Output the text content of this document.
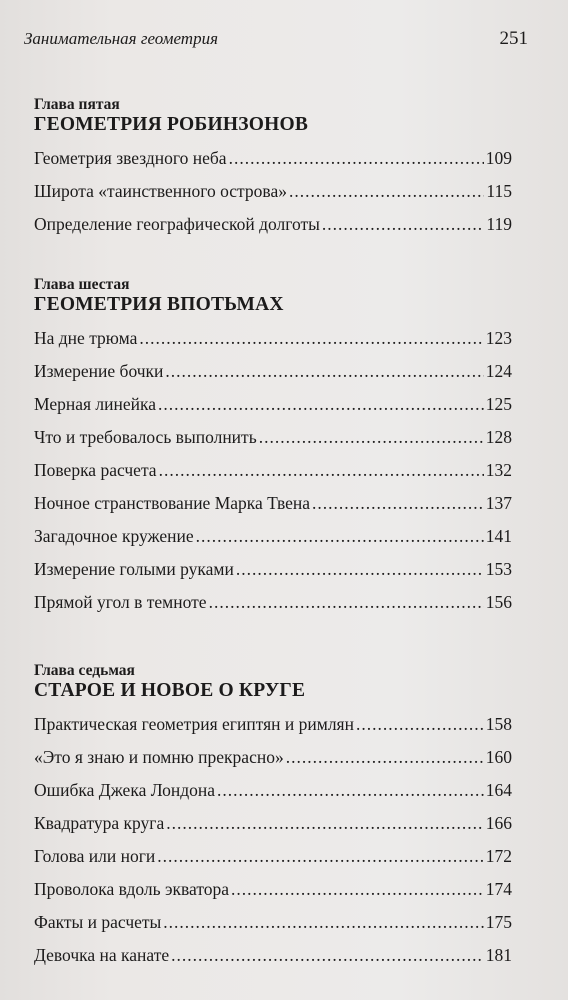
Занимательная геометрия	251
Глава пятая
ГЕОМЕТРИЯ РОБИНЗОНОВ
Геометрия звездного неба .....	109
Широта «таинственного острова» .....	115
Определение географической долготы .....	119
Глава шестая
ГЕОМЕТРИЯ ВПОТЬМАХ
На дне трюма .....	123
Измерение бочки .....	124
Мерная линейка .....	125
Что и требовалось выполнить .....	128
Поверка расчета .....	132
Ночное странствование Марка Твена .....	137
Загадочное кружение .....	141
Измерение голыми руками .....	153
Прямой угол в темноте .....	156
Глава седьмая
СТАРОЕ И НОВОЕ О КРУГЕ
Практическая геометрия египтян и римлян .....	158
«Это я знаю и помню прекрасно» .....	160
Ошибка Джека Лондона .....	164
Квадратура круга .....	166
Голова или ноги .....	172
Проволока вдоль экватора .....	174
Факты и расчеты .....	175
Девочка на канате .....	181
